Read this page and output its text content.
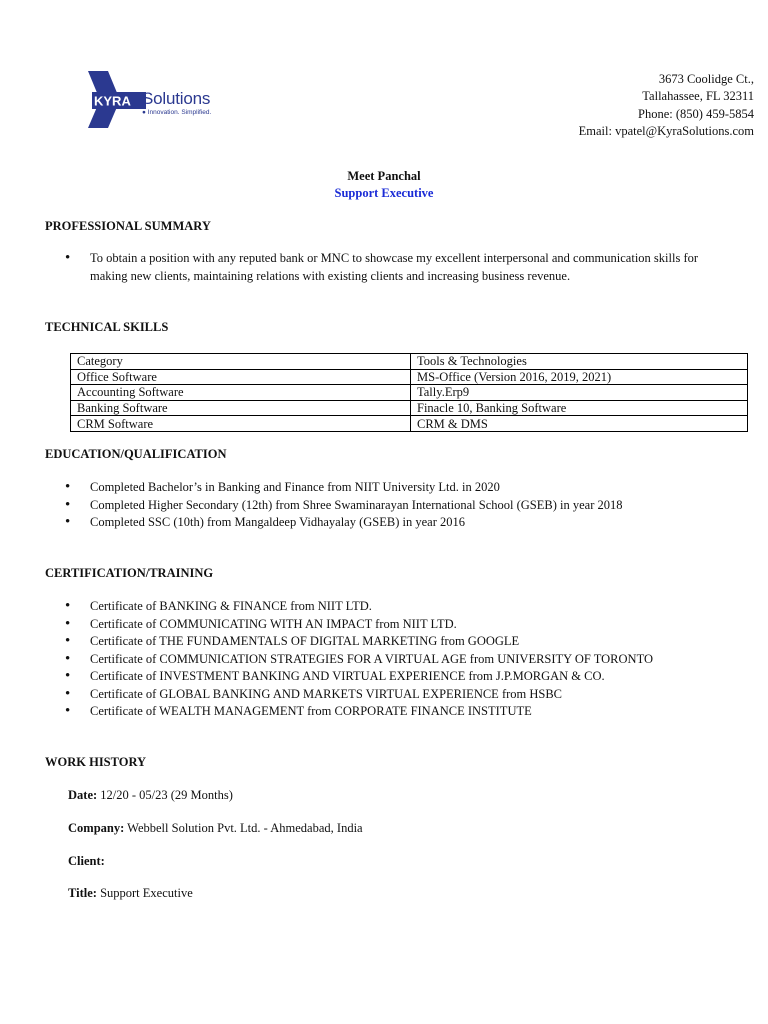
KYRA Solutions
● Innovation. Simplified.
3673 Coolidge Ct.,
Tallahassee, FL 32311
Phone: (850) 459-5854
Email: vpatel@KyraSolutions.com
Meet Panchal
Support Executive
PROFESSIONAL SUMMARY
• To obtain a position with any reputed bank or MNC to showcase my excellent interpersonal and communication skills for making new clients, maintaining relations with existing clients and increasing business revenue.
TECHNICAL SKILLS
Category	Tools & Technologies
Office Software	MS-Office (Version 2016, 2019, 2021)
Accounting Software	Tally.Erp9
Banking Software	Finacle 10, Banking Software
CRM Software	CRM & DMS
EDUCATION/QUALIFICATION
• Completed Bachelor’s in Banking and Finance from NIIT University Ltd. in 2020
• Completed Higher Secondary (12th) from Shree Swaminarayan International School (GSEB) in year 2018
• Completed SSC (10th) from Mangaldeep Vidhayalay (GSEB) in year 2016
CERTIFICATION/TRAINING
• Certificate of BANKING & FINANCE from NIIT LTD.
• Certificate of COMMUNICATING WITH AN IMPACT from NIIT LTD.
• Certificate of THE FUNDAMENTALS OF DIGITAL MARKETING from GOOGLE
• Certificate of COMMUNICATION STRATEGIES FOR A VIRTUAL AGE from UNIVERSITY OF TORONTO
• Certificate of INVESTMENT BANKING AND VIRTUAL EXPERIENCE from J.P.MORGAN & CO.
• Certificate of GLOBAL BANKING AND MARKETS VIRTUAL EXPERIENCE from HSBC
• Certificate of WEALTH MANAGEMENT from CORPORATE FINANCE INSTITUTE
WORK HISTORY
Date: 12/20 - 05/23 (29 Months)
Company: Webbell Solution Pvt. Ltd. - Ahmedabad, India
Client:
Title: Support Executive
